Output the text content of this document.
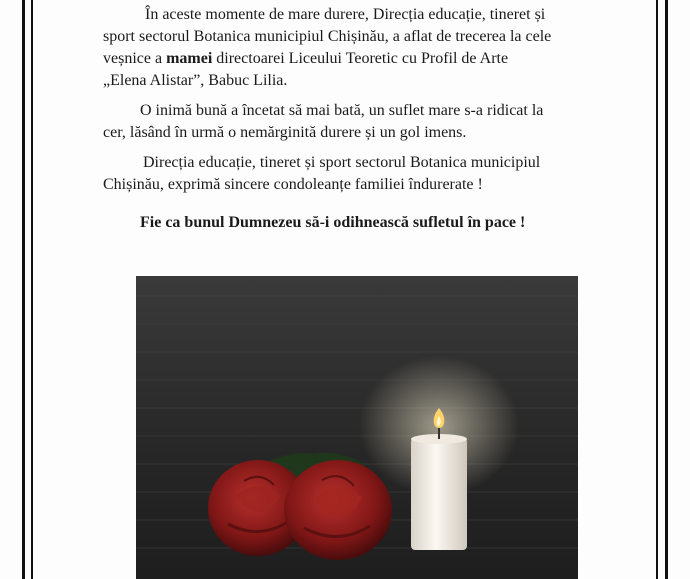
În aceste momente de mare durere, Direcția educație, tineret și
sport sectorul Botanica municipiul Chișinău, a aflat de trecerea la cele
veșnice a mamei directoarei Liceului Teoretic cu Profil de Arte
„Elena Alistar”, Babuc Lilia.
O inimă bună a încetat să mai bată, un suflet mare s-a ridicat la
cer, lăsând în urmă o nemărginită durere și un gol imens.
Direcția educație, tineret și sport sectorul Botanica municipiul
Chișinău, exprimă sincere condoleanțe familiei îndurerate !
Fie ca bunul Dumnezeu să-i odihnească sufletul în pace !
